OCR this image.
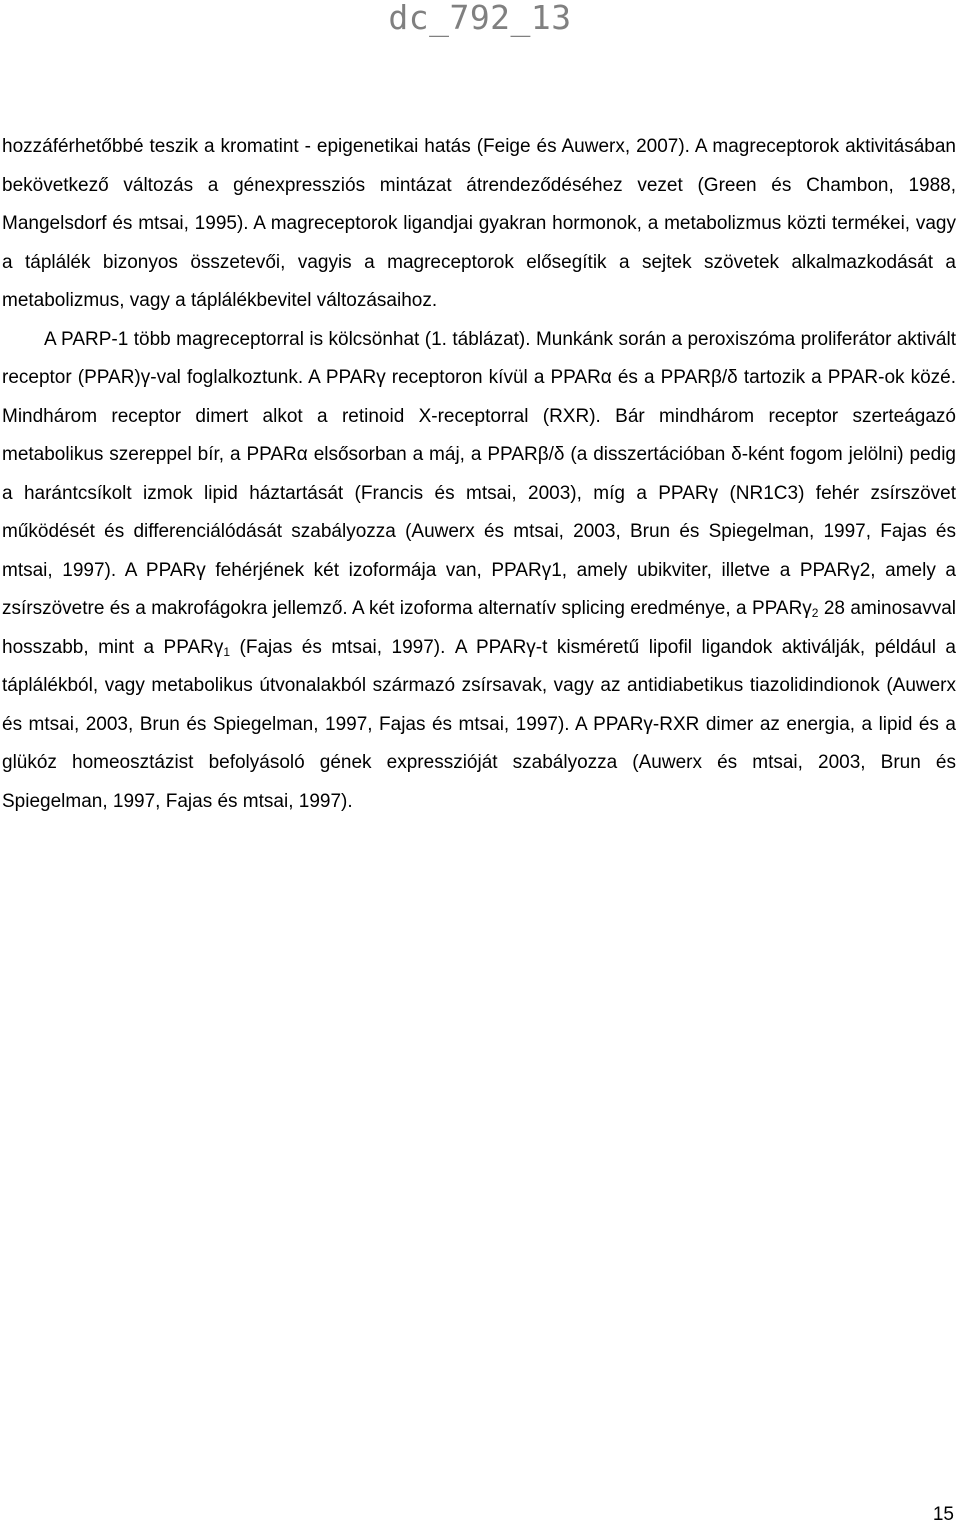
dc_792_13

hozzáférhetőbbé teszik a kromatint - epigenetikai hatás (Feige és Auwerx, 2007). A magreceptorok aktivitásában bekövetkező változás a génexpressziós mintázat átrendeződéséhez vezet (Green és Chambon, 1988, Mangelsdorf és mtsai, 1995). A magreceptorok ligandjai gyakran hormonok, a metabolizmus közti termékei, vagy a táplálék bizonyos összetevői, vagyis a magreceptorok elősegítik a sejtek szövetek alkalmazkodását a metabolizmus, vagy a táplálékbevitel változásaihoz.

A PARP-1 több magreceptorral is kölcsönhat (1. táblázat). Munkánk során a peroxiszóma proliferátor aktivált receptor (PPAR)γ-val foglalkoztunk. A PPARγ receptoron kívül a PPARα és a PPARβ/δ tartozik a PPAR-ok közé. Mindhárom receptor dimert alkot a retinoid X-receptorral (RXR). Bár mindhárom receptor szerteágazó metabolikus szereppel bír, a PPARα elsősorban a máj, a PPARβ/δ (a disszertációban δ-ként fogom jelölni) pedig a harántcsíkolt izmok lipid háztartását (Francis és mtsai, 2003), míg a PPARγ (NR1C3) fehér zsírszövet működését és differenciálódását szabályozza (Auwerx és mtsai, 2003, Brun és Spiegelman, 1997, Fajas és mtsai, 1997). A PPARγ fehérjének két izoformája van, PPARγ1, amely ubikviter, illetve a PPARγ2, amely a zsírszövetre és a makrofágokra jellemző. A két izoforma alternatív splicing eredménye, a PPARγ$_2$ 28 aminosavval hosszabb, mint a PPARγ$_1$ (Fajas és mtsai, 1997). A PPARγ-t kisméretű lipofil ligandok aktiválják, például a táplálékból, vagy metabolikus útvonalakból származó zsírsavak, vagy az antidiabetikus tiazolidindionok (Auwerx és mtsai, 2003, Brun és Spiegelman, 1997, Fajas és mtsai, 1997). A PPARγ-RXR dimer az energia, a lipid és a glükóz homeosztázist befolyásoló gének expresszióját szabályozza (Auwerx és mtsai, 2003, Brun és Spiegelman, 1997, Fajas és mtsai, 1997).

15
